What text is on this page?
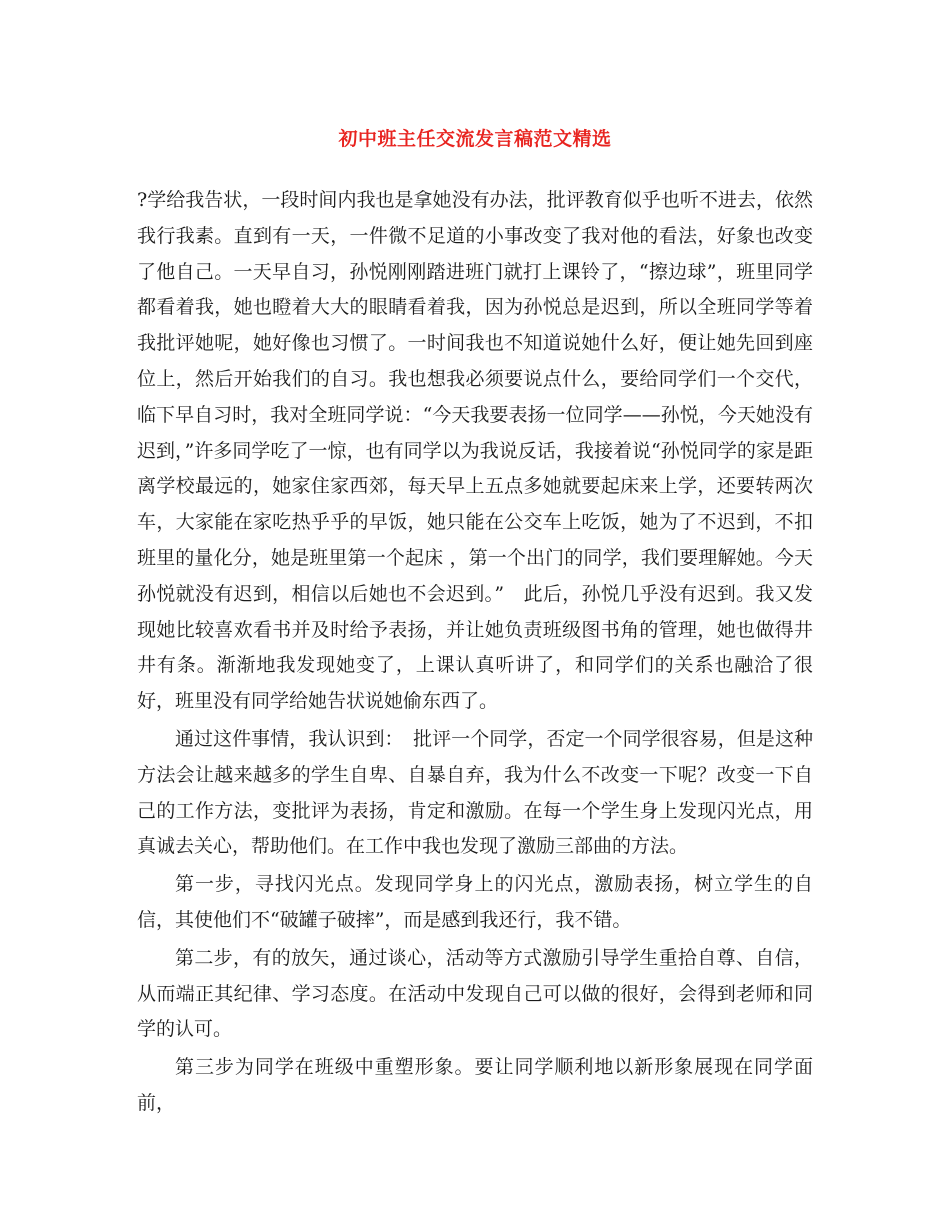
初中班主任交流发言稿范文精选

?学给我告状，一段时间内我也是拿她没有办法，批评教育似乎也听不进去，依然我行我素。直到有一天，一件微不足道的小事改变了我对他的看法，好象也改变了他自己。一天早自习，孙悦刚刚踏进班门就打上课铃了，“擦边球”，班里同学都看着我，她也瞪着大大的眼睛看着我，因为孙悦总是迟到，所以全班同学等着我批评她呢，她好像也习惯了。一时间我也不知道说她什么好，便让她先回到座位上，然后开始我们的自习。我也想我必须要说点什么，要给同学们一个交代，临下早自习时，我对全班同学说：“今天我要表扬一位同学——孙悦，今天她没有迟到，”许多同学吃了一惊，也有同学以为我说反话，我接着说“孙悦同学的家是距离学校最远的，她家住家西郊，每天早上五点多她就要起床来上学，还要转两次车，大家能在家吃热乎乎的早饭，她只能在公交车上吃饭，她为了不迟到，不扣班里的量化分，她是班里第一个起床 ，第一个出门的同学，我们要理解她。今天孙悦就没有迟到，相信以后她也不会迟到。”　此后，孙悦几乎没有迟到。我又发现她比较喜欢看书并及时给予表扬，并让她负责班级图书角的管理，她也做得井井有条。渐渐地我发现她变了，上课认真听讲了，和同学们的关系也融洽了很好，班里没有同学给她告状说她偷东西了。

通过这件事情，我认识到：　批评一个同学，否定一个同学很容易，但是这种方法会让越来越多的学生自卑、自暴自弃，我为什么不改变一下呢？改变一下自己的工作方法，变批评为表扬，肯定和激励。在每一个学生身上发现闪光点，用真诚去关心，帮助他们。在工作中我也发现了激励三部曲的方法。

第一步，寻找闪光点。发现同学身上的闪光点，激励表扬，树立学生的自信，其使他们不“破罐子破摔”，而是感到我还行，我不错。

第二步，有的放矢，通过谈心，活动等方式激励引导学生重拾自尊、自信，从而端正其纪律、学习态度。在活动中发现自己可以做的很好，会得到老师和同学的认可。

第三步为同学在班级中重塑形象。要让同学顺利地以新形象展现在同学面前，
